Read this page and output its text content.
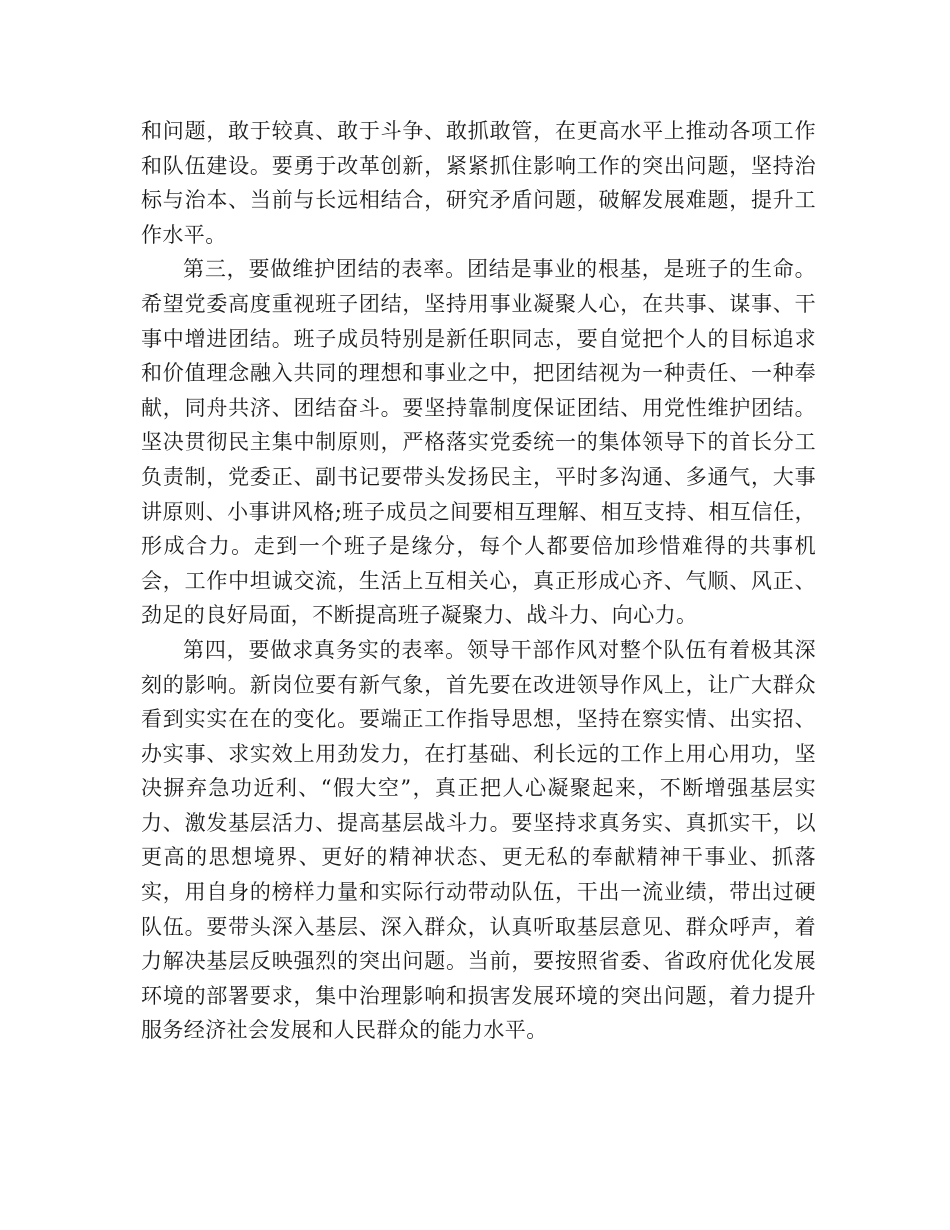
和问题，敢于较真、敢于斗争、敢抓敢管，在更高水平上推动各项工作和队伍建设。要勇于改革创新，紧紧抓住影响工作的突出问题，坚持治标与治本、当前与长远相结合，研究矛盾问题，破解发展难题，提升工作水平。

第三，要做维护团结的表率。团结是事业的根基，是班子的生命。希望党委高度重视班子团结，坚持用事业凝聚人心，在共事、谋事、干事中增进团结。班子成员特别是新任职同志，要自觉把个人的目标追求和价值理念融入共同的理想和事业之中，把团结视为一种责任、一种奉献，同舟共济、团结奋斗。要坚持靠制度保证团结、用党性维护团结。坚决贯彻民主集中制原则，严格落实党委统一的集体领导下的首长分工负责制，党委正、副书记要带头发扬民主，平时多沟通、多通气，大事讲原则、小事讲风格;班子成员之间要相互理解、相互支持、相互信任，形成合力。走到一个班子是缘分，每个人都要倍加珍惜难得的共事机会，工作中坦诚交流，生活上互相关心，真正形成心齐、气顺、风正、劲足的良好局面，不断提高班子凝聚力、战斗力、向心力。

第四，要做求真务实的表率。领导干部作风对整个队伍有着极其深刻的影响。新岗位要有新气象，首先要在改进领导作风上，让广大群众看到实实在在的变化。要端正工作指导思想，坚持在察实情、出实招、办实事、求实效上用劲发力，在打基础、利长远的工作上用心用功，坚决摒弃急功近利、“假大空”，真正把人心凝聚起来，不断增强基层实力、激发基层活力、提高基层战斗力。要坚持求真务实、真抓实干，以更高的思想境界、更好的精神状态、更无私的奉献精神干事业、抓落实，用自身的榜样力量和实际行动带动队伍，干出一流业绩，带出过硬队伍。要带头深入基层、深入群众，认真听取基层意见、群众呼声，着力解决基层反映强烈的突出问题。当前，要按照省委、省政府优化发展环境的部署要求，集中治理影响和损害发展环境的突出问题，着力提升服务经济社会发展和人民群众的能力水平。
